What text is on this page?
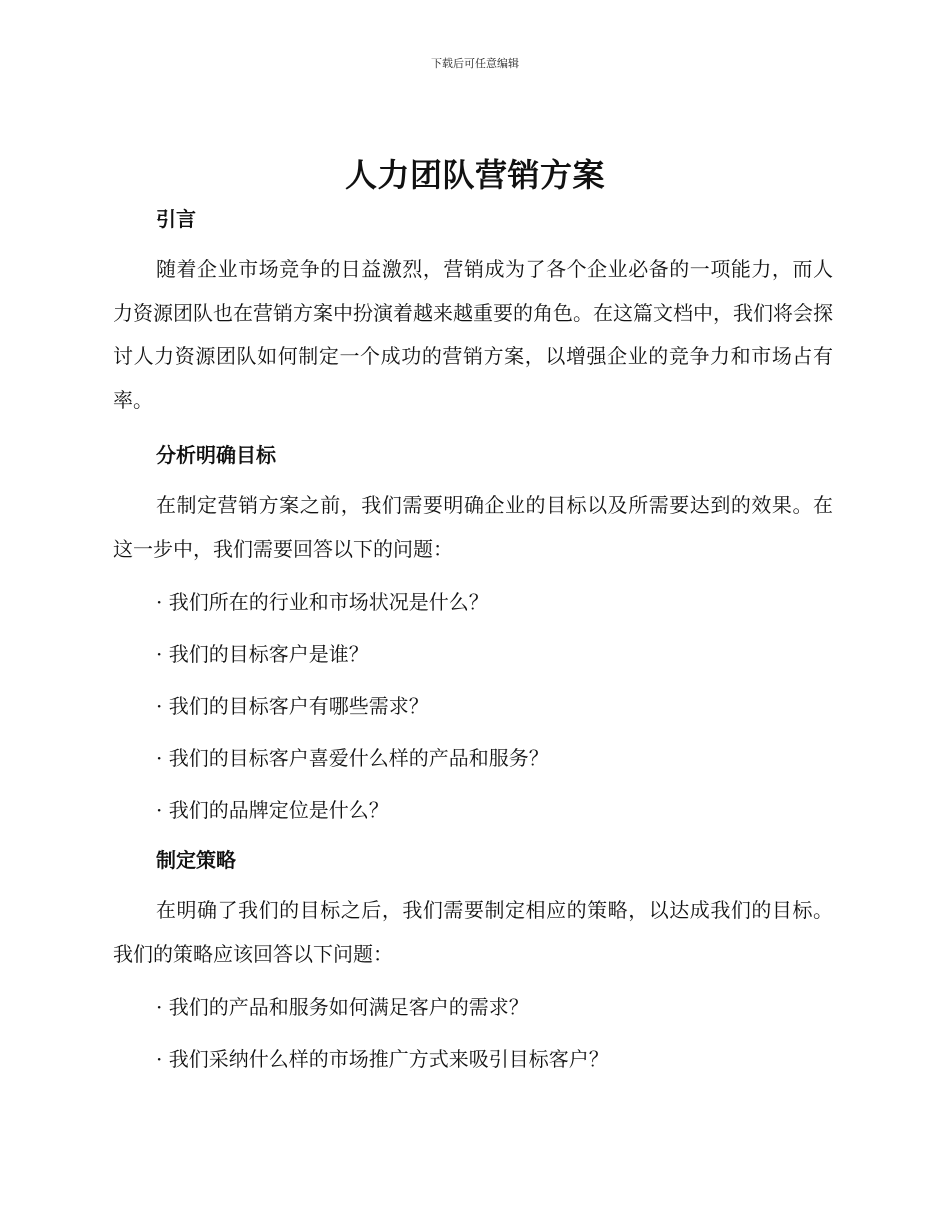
下载后可任意编辑
人力团队营销方案
引言

随着企业市场竞争的日益激烈，营销成为了各个企业必备的一项能力，而人力资源团队也在营销方案中扮演着越来越重要的角色。在这篇文档中，我们将会探讨人力资源团队如何制定一个成功的营销方案，以增强企业的竞争力和市场占有率。

分析明确目标

在制定营销方案之前，我们需要明确企业的目标以及所需要达到的效果。在这一步中，我们需要回答以下的问题：

· 我们所在的行业和市场状况是什么？

· 我们的目标客户是谁？

· 我们的目标客户有哪些需求？

· 我们的目标客户喜爱什么样的产品和服务？

· 我们的品牌定位是什么？

制定策略

在明确了我们的目标之后，我们需要制定相应的策略，以达成我们的目标。我们的策略应该回答以下问题：

· 我们的产品和服务如何满足客户的需求？

· 我们采纳什么样的市场推广方式来吸引目标客户？
